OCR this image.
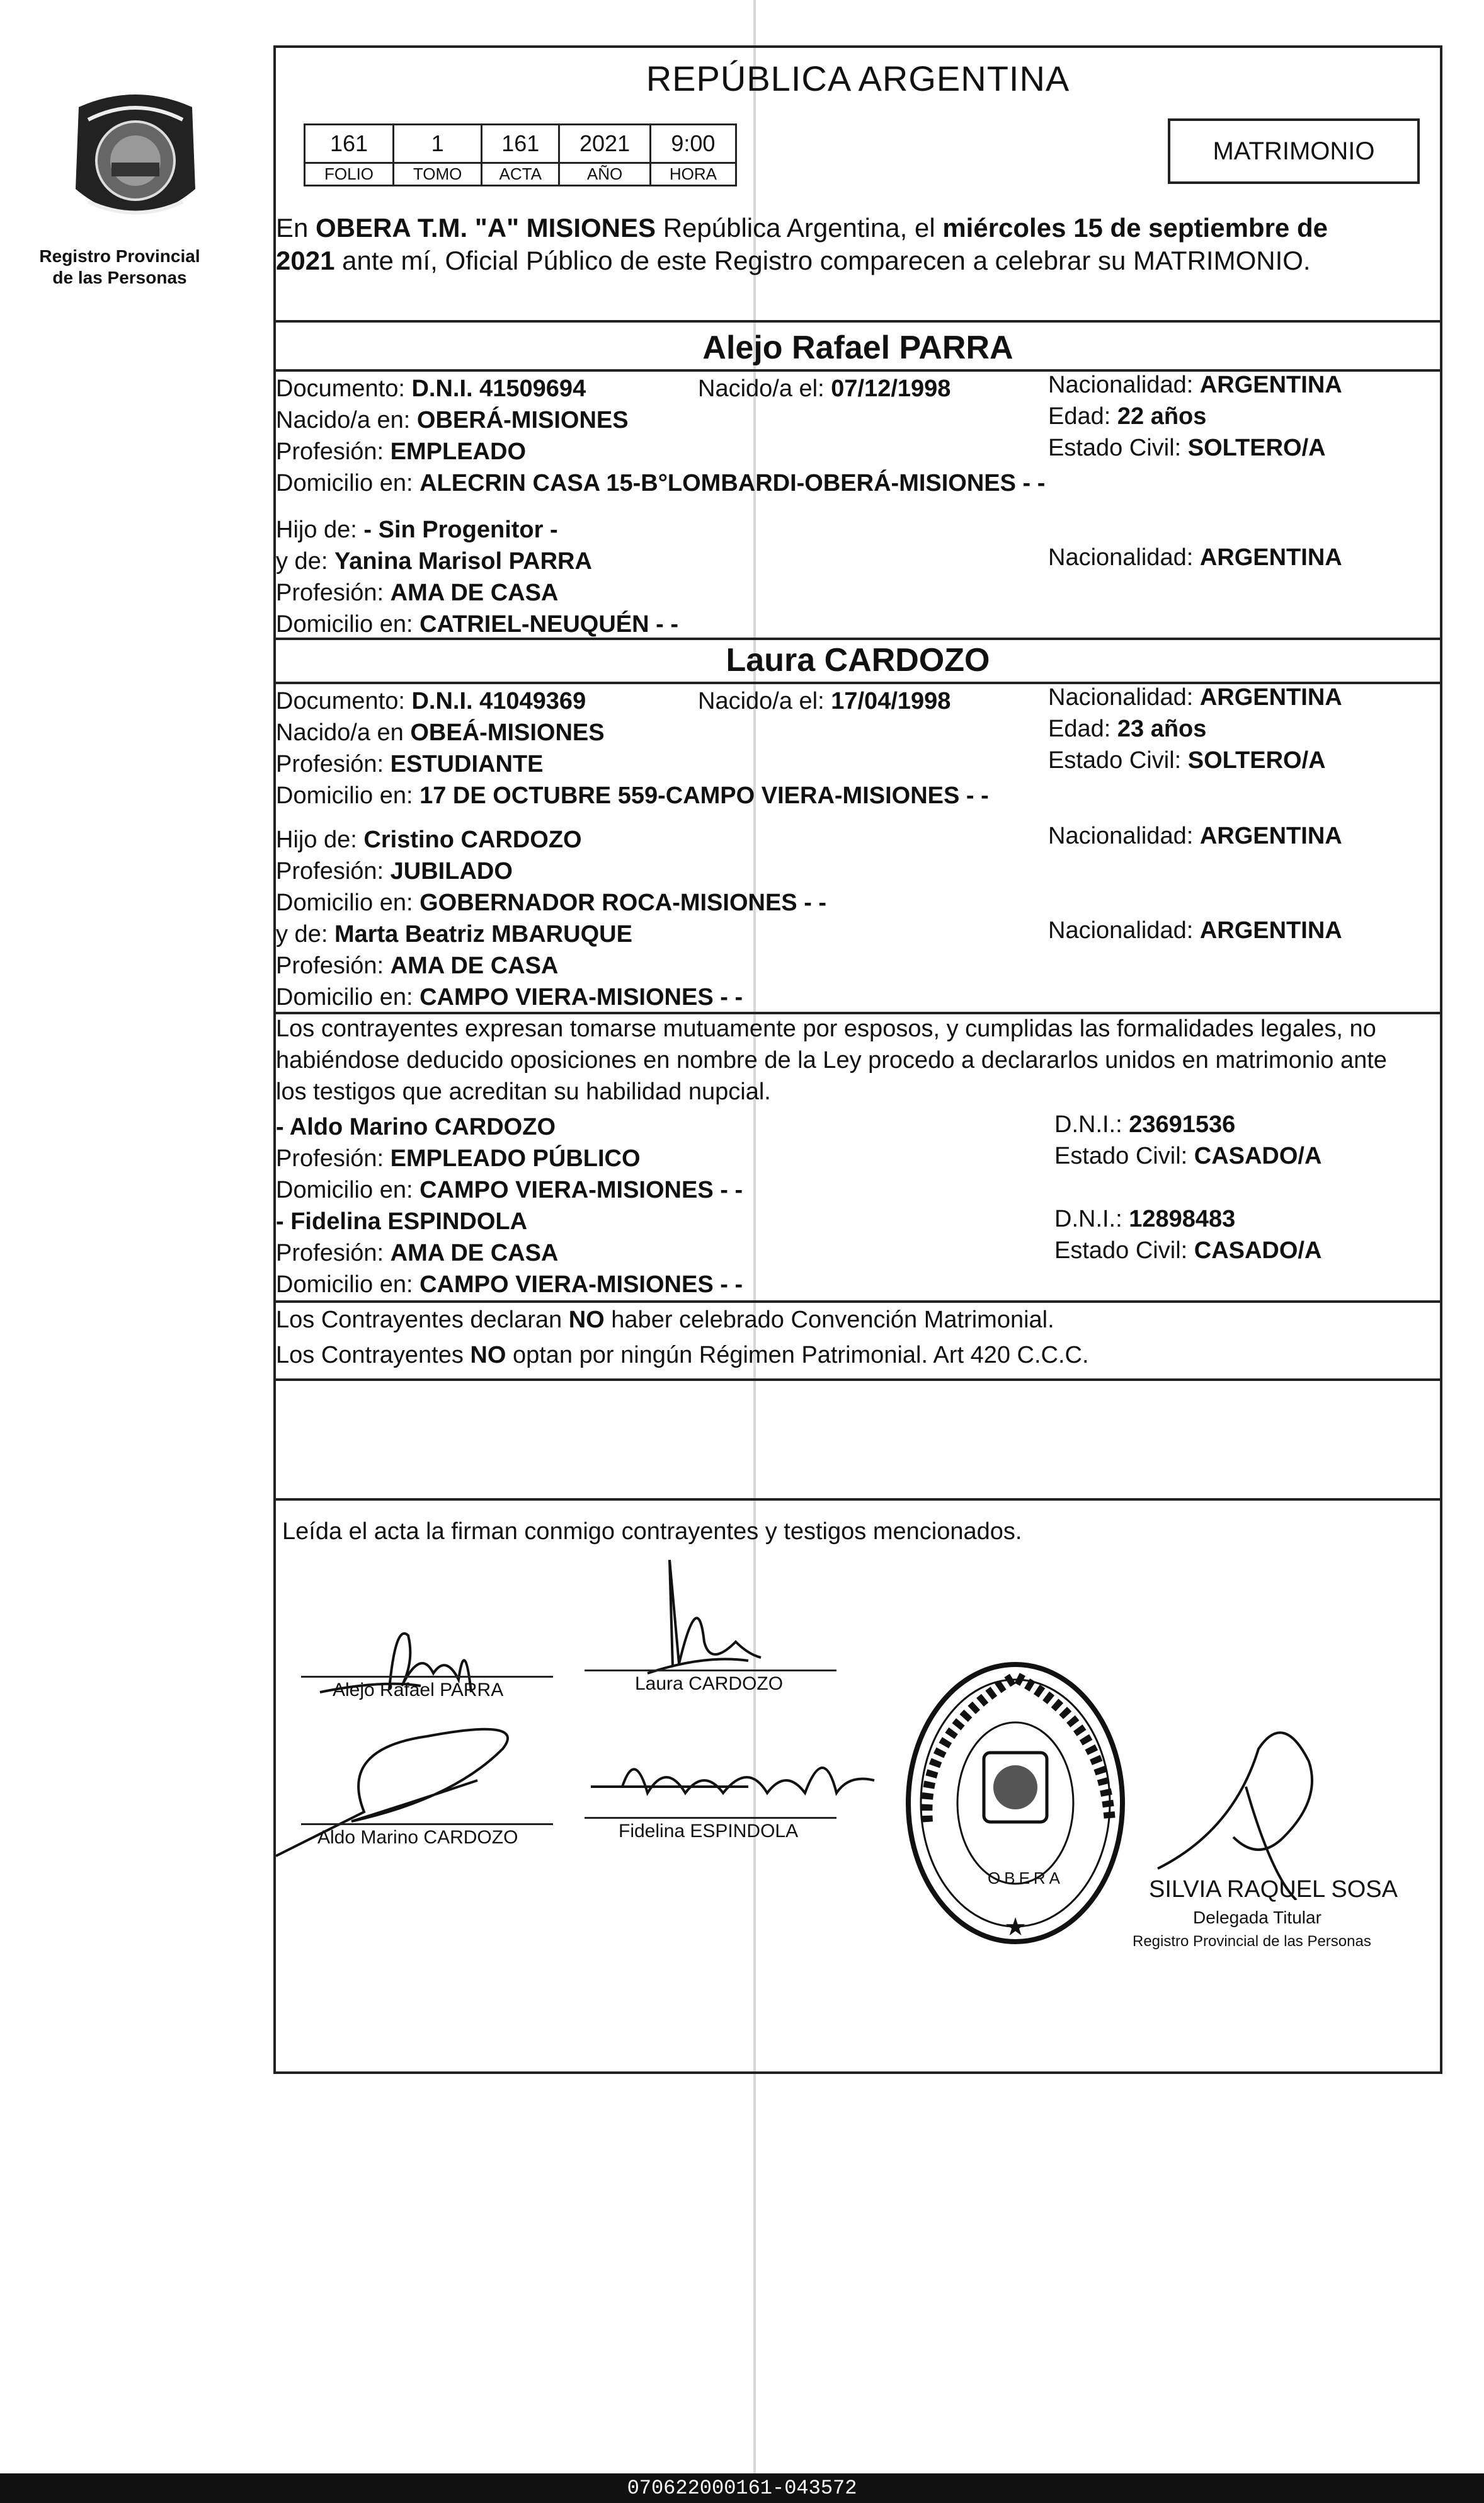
Registro Provincial
de las Personas
REPÚBLICA ARGENTINA
161	1	161	2021	9:00
FOLIO	TOMO	ACTA	AÑO	HORA
MATRIMONIO
En OBERA T.M. "A" MISIONES República Argentina, el miércoles 15 de septiembre de
2021 ante mí, Oficial Público de este Registro comparecen a celebrar su MATRIMONIO.
Alejo Rafael PARRA
Documento: D.N.I. 41509694	Nacido/a el: 07/12/1998	Nacionalidad: ARGENTINA
Nacido/a en: OBERÁ-MISIONES	Edad: 22 años
Profesión: EMPLEADO	Estado Civil: SOLTERO/A
Domicilio en: ALECRIN CASA 15-B°LOMBARDI-OBERÁ-MISIONES - -
Hijo de: - Sin Progenitor -
y de: Yanina Marisol PARRA	Nacionalidad: ARGENTINA
Profesión: AMA DE CASA
Domicilio en: CATRIEL-NEUQUÉN - -
Laura CARDOZO
Documento: D.N.I. 41049369	Nacido/a el: 17/04/1998	Nacionalidad: ARGENTINA
Nacido/a en OBEÁ-MISIONES	Edad: 23 años
Profesión: ESTUDIANTE	Estado Civil: SOLTERO/A
Domicilio en: 17 DE OCTUBRE 559-CAMPO VIERA-MISIONES - -
Hijo de: Cristino CARDOZO	Nacionalidad: ARGENTINA
Profesión: JUBILADO
Domicilio en: GOBERNADOR ROCA-MISIONES - -
y de: Marta Beatriz MBARUQUE	Nacionalidad: ARGENTINA
Profesión: AMA DE CASA
Domicilio en: CAMPO VIERA-MISIONES - -
Los contrayentes expresan tomarse mutuamente por esposos, y cumplidas las formalidades legales, no
habiéndose deducido oposiciones en nombre de la Ley procedo a declararlos unidos en matrimonio ante
los testigos que acreditan su habilidad nupcial.
- Aldo Marino CARDOZO	D.N.I.: 23691536
Profesión: EMPLEADO PÚBLICO	Estado Civil: CASADO/A
Domicilio en: CAMPO VIERA-MISIONES - -
- Fidelina ESPINDOLA	D.N.I.: 12898483
Profesión: AMA DE CASA	Estado Civil: CASADO/A
Domicilio en: CAMPO VIERA-MISIONES - -
Los Contrayentes declaran NO haber celebrado Convención Matrimonial.
Los Contrayentes NO optan por ningún Régimen Patrimonial. Art 420 C.C.C.
Leída el acta la firman conmigo contrayentes y testigos mencionados.
Alejo Rafael PARRA	Laura CARDOZO
Aldo Marino CARDOZO	Fidelina ESPINDOLA
★
OBERA	SILVIA RAQUEL SOSA
Delegada Titular
Registro Provincial de las Personas
070622000161-043572
